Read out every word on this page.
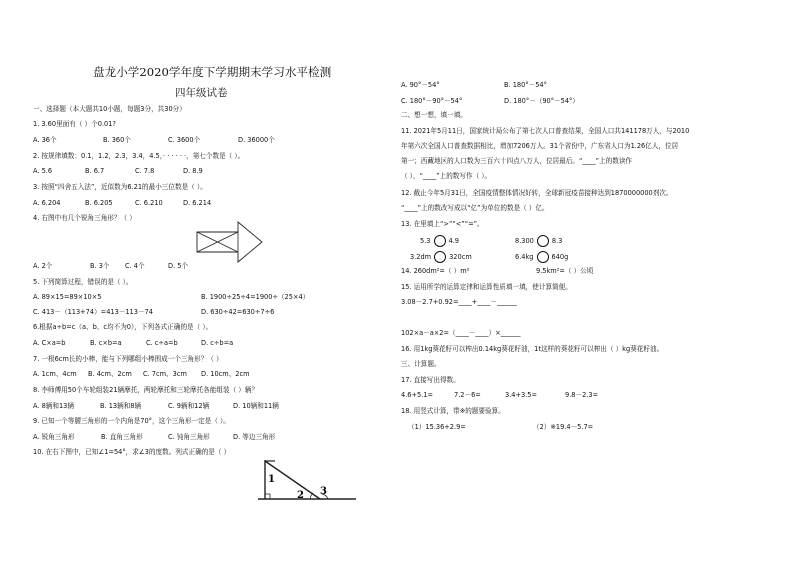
盘龙小学2020学年度下学期期末学习水平检测
四年级试卷
一、选择题（本大题共10小题，每题3分，共30分）
1. 3.60里面有（ ）个0.01?
A. 36个	B. 360个	C. 3600个	D. 36000个
2. 按规律填数：0.1，1.2，2.3，3.4，4.5，· · · · · ·，第七个数是（ ）。
A. 5.6	B. 6.7	C. 7.8	D. 8.9
3. 按照“四舍五入法”，近似数为6.21的最小三位数是（ ）。
A. 6.204	B. 6.205	C. 6.210	D. 6.214
4. 右图中有几个锐角三角形？（ ）
A. 2个	B. 3个 C. 4个	D. 5个
5. 下列简算过程，错误的是（ ）。
A. 89×15=89×10×5	B. 1900÷25÷4=1900÷（25×4）
C. 413－（113+74）=413－113－74	D. 630÷42=630÷7÷6
6.根据a÷b=c（a、b、c均不为0），下列各式正确的是（ ）。
A. C×a=b	B. c×b=a	C. c÷a=b	D. c÷b=a
7. 一根6cm长的小棒，能与下列哪组小棒围成一个三角形？（ ）
A. 1cm、4cm B. 4cm、2cm C. 7cm、3cm D. 10cm、2cm
8. 李师傅用50个车轮组装21辆摩托，两轮摩托和三轮摩托各能组装（ ）辆？
A. 8辆和13辆	B. 13辆和8辆	C. 9辆和12辆	D. 10辆和11辆
9. 已知一个等腰三角形的一个内角是70°，这个三角形一定是（ ）。
A. 锐角三角形	B. 直角三角形	C. 钝角三角形	D. 等边三角形
10. 在右下图中，已知∠1=54°，求∠3的度数。列式正确的是（ ）
1
2 3
A. 90°－54°	B. 180°－54°
C. 180°－90°－54°	D. 180°－（90°－54°）
二、想一想，填一填。
11. 2021年5月11日，国家统计局公布了第七次人口普查结果，全国人口共141178万人，与2010
年第六次全国人口普查数据相比，增加7206万人。31个省份中，广东省人口为1.26亿人，位居
第一；西藏地区的人口数为三百六十四点八万人，位居最后。“____”上的数读作
（ ），“____”上的数写作（ ）。
12. 截止今年5月31日，全国疫情整体情况好转，全球新冠疫苗接种达到1870000000剂次。
“____”上的数改写成以“亿”为单位的数是（ ）亿。
13. 在里填上“>”“<”“=”。
5.3	4.9	8.300	8.3
3.2dm	320cm	6.4kg	640g
14. 260dm²=（ ）m²	9.5km²=（ ）公顷
15. 运用所学的运算定律和运算性质填一填，使计算简便。
3.08－2.7+0.92=____+____－______
102×a－a×2=（____－____）×______
16. 用1kg葵花籽可以榨出0.14kg葵花籽油，1t这样的葵花籽可以榨出（ ）kg葵花籽油。
三、计算题。
17. 直接写出得数。
4.6+5.1=	7.2－6=	3.4+3.5=	9.8－2.3=
18. 用竖式计算，带※的题要验算。
（1）15.36+2.9=	（2）※19.4－5.7=
